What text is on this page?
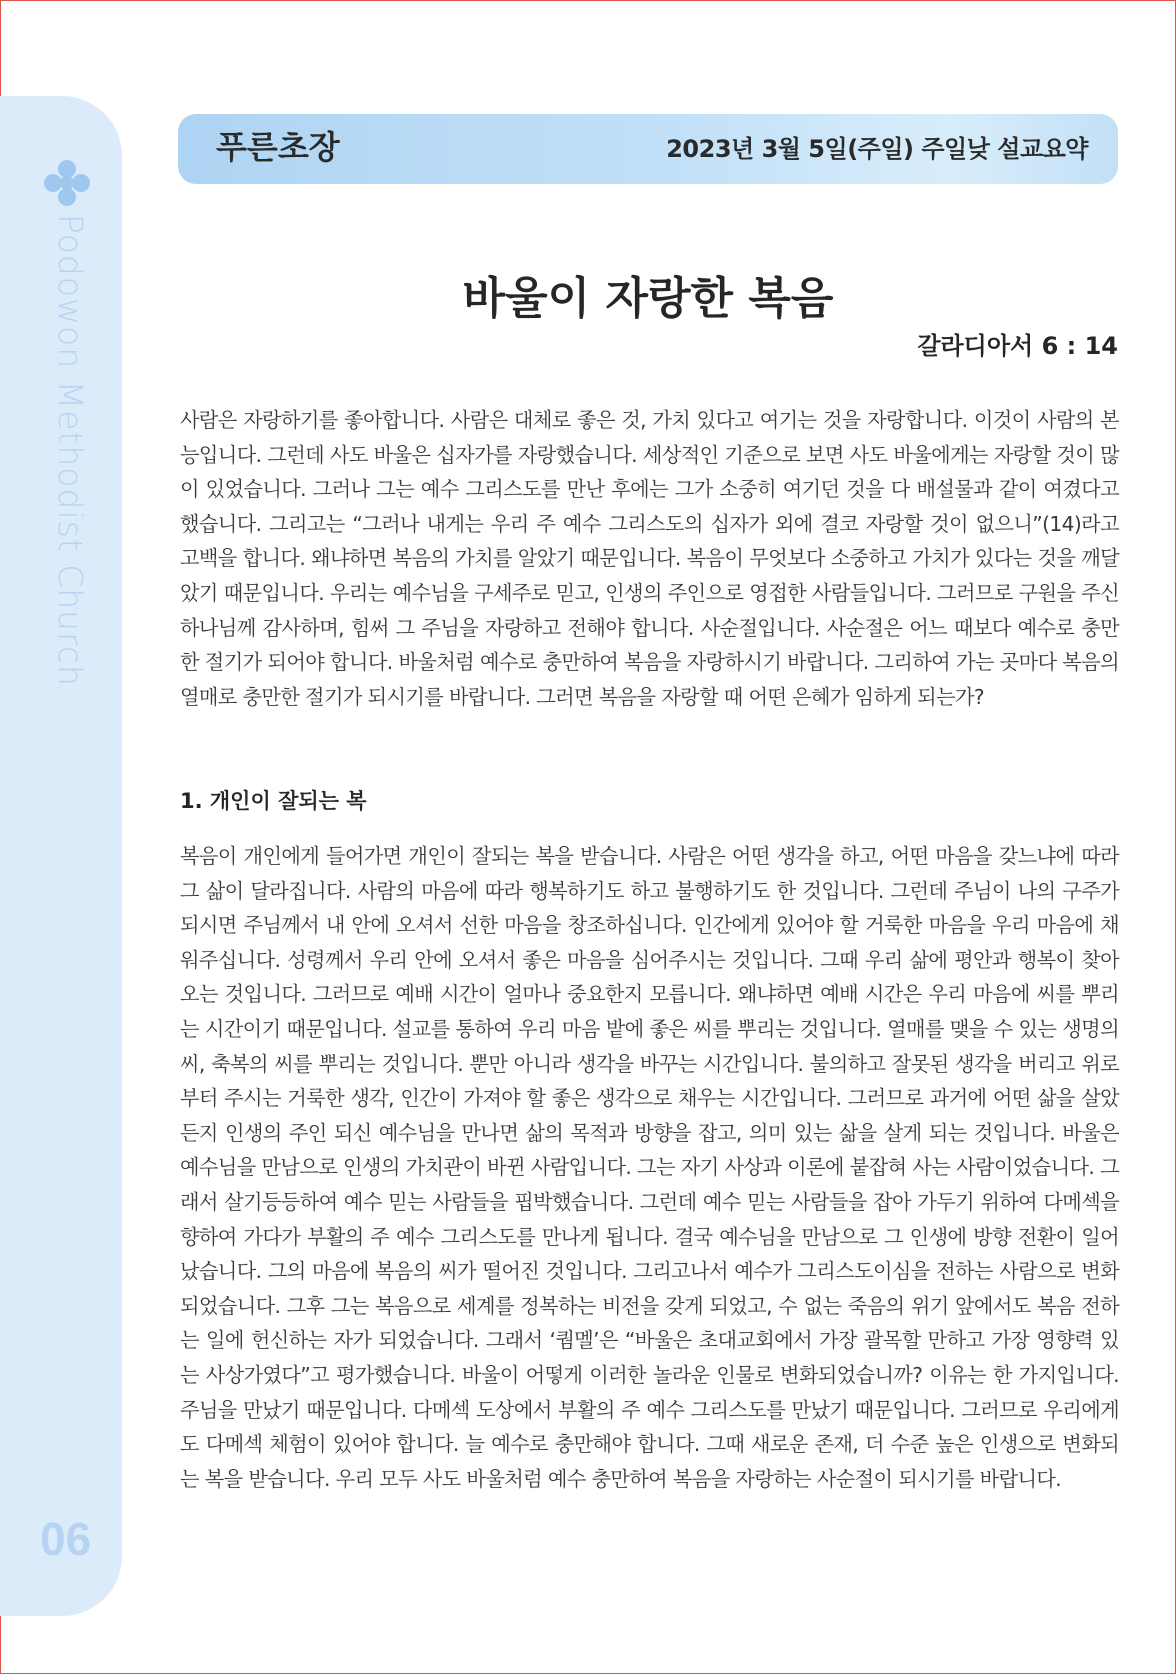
Podowon Methodist Church
06
푸른초장	2023년 3월 5일(주일) 주일낮 설교요약
바울이 자랑한 복음
갈라디아서 6 : 14
사람은 자랑하기를 좋아합니다. 사람은 대체로 좋은 것, 가치 있다고 여기는 것을 자랑합니다. 이것이 사람의 본능입니다. 그런데 사도 바울은 십자가를 자랑했습니다. 세상적인 기준으로 보면 사도 바울에게는 자랑할 것이 많이 있었습니다. 그러나 그는 예수 그리스도를 만난 후에는 그가 소중히 여기던 것을 다 배설물과 같이 여겼다고 했습니다. 그리고는 “그러나 내게는 우리 주 예수 그리스도의 십자가 외에 결코 자랑할 것이 없으니”(14)라고 고백을 합니다. 왜냐하면 복음의 가치를 알았기 때문입니다. 복음이 무엇보다 소중하고 가치가 있다는 것을 깨달았기 때문입니다. 우리는 예수님을 구세주로 믿고, 인생의 주인으로 영접한 사람들입니다. 그러므로 구원을 주신 하나님께 감사하며, 힘써 그 주님을 자랑하고 전해야 합니다. 사순절입니다. 사순절은 어느 때보다 예수로 충만한 절기가 되어야 합니다. 바울처럼 예수로 충만하여 복음을 자랑하시기 바랍니다. 그리하여 가는 곳마다 복음의 열매로 충만한 절기가 되시기를 바랍니다. 그러면 복음을 자랑할 때 어떤 은혜가 임하게 되는가?
1. 개인이 잘되는 복
복음이 개인에게 들어가면 개인이 잘되는 복을 받습니다. 사람은 어떤 생각을 하고, 어떤 마음을 갖느냐에 따라 그 삶이 달라집니다. 사람의 마음에 따라 행복하기도 하고 불행하기도 한 것입니다. 그런데 주님이 나의 구주가 되시면 주님께서 내 안에 오셔서 선한 마음을 창조하십니다. 인간에게 있어야 할 거룩한 마음을 우리 마음에 채워주십니다. 성령께서 우리 안에 오셔서 좋은 마음을 심어주시는 것입니다. 그때 우리 삶에 평안과 행복이 찾아오는 것입니다. 그러므로 예배 시간이 얼마나 중요한지 모릅니다. 왜냐하면 예배 시간은 우리 마음에 씨를 뿌리는 시간이기 때문입니다. 설교를 통하여 우리 마음 밭에 좋은 씨를 뿌리는 것입니다. 열매를 맺을 수 있는 생명의 씨, 축복의 씨를 뿌리는 것입니다. 뿐만 아니라 생각을 바꾸는 시간입니다. 불의하고 잘못된 생각을 버리고 위로부터 주시는 거룩한 생각, 인간이 가져야 할 좋은 생각으로 채우는 시간입니다. 그러므로 과거에 어떤 삶을 살았든지 인생의 주인 되신 예수님을 만나면 삶의 목적과 방향을 잡고, 의미 있는 삶을 살게 되는 것입니다. 바울은 예수님을 만남으로 인생의 가치관이 바뀐 사람입니다. 그는 자기 사상과 이론에 붙잡혀 사는 사람이었습니다. 그래서 살기등등하여 예수 믿는 사람들을 핍박했습니다. 그런데 예수 믿는 사람들을 잡아 가두기 위하여 다메섹을 향하여 가다가 부활의 주 예수 그리스도를 만나게 됩니다. 결국 예수님을 만남으로 그 인생에 방향 전환이 일어났습니다. 그의 마음에 복음의 씨가 떨어진 것입니다. 그리고나서 예수가 그리스도이심을 전하는 사람으로 변화되었습니다. 그후 그는 복음으로 세계를 정복하는 비전을 갖게 되었고, 수 없는 죽음의 위기 앞에서도 복음 전하는 일에 헌신하는 자가 되었습니다. 그래서 ‘퀌멜’은 “바울은 초대교회에서 가장 괄목할 만하고 가장 영향력 있는 사상가였다”고 평가했습니다. 바울이 어떻게 이러한 놀라운 인물로 변화되었습니까? 이유는 한 가지입니다. 주님을 만났기 때문입니다. 다메섹 도상에서 부활의 주 예수 그리스도를 만났기 때문입니다. 그러므로 우리에게도 다메섹 체험이 있어야 합니다. 늘 예수로 충만해야 합니다. 그때 새로운 존재, 더 수준 높은 인생으로 변화되는 복을 받습니다. 우리 모두 사도 바울처럼 예수 충만하여 복음을 자랑하는 사순절이 되시기를 바랍니다.
